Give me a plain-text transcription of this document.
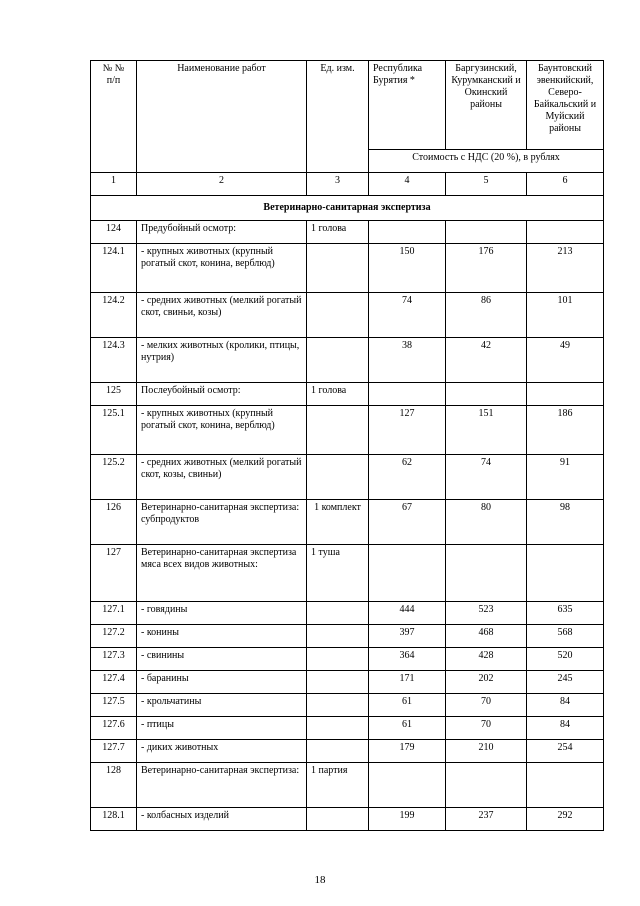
№ №
п/п	Наименование работ	Ед. изм.	Республика Бурятия *	Баргузинский, Курумканский и Окинский районы	Баунтовский эвенкийский, Северо-Байкальский и Муйский районы
			Стоимость с НДС (20 %), в рублях		
1	2	3	4	5	6
Ветеринарно-санитарная экспертиза					
124	Предубойный осмотр:	1 голова			
124.1	- крупных животных (крупный рогатый скот, конина, верблюд)		150	176	213
124.2	- средних животных (мелкий рогатый скот, свиньи, козы)		74	86	101
124.3	- мелких животных (кролики, птицы, нутрия)		38	42	49
125	Послеубойный осмотр:	1 голова			
125.1	- крупных животных (крупный рогатый скот, конина, верблюд)		127	151	186
125.2	- средних животных (мелкий рогатый скот, козы, свиньи)		62	74	91
126	Ветеринарно-санитарная экспертиза: субпродуктов	1 комплект	67	80	98
127	Ветеринарно-санитарная экспертиза мяса всех видов животных:	1 туша			
127.1	- говядины		444	523	635
127.2	- конины		397	468	568
127.3	- свинины		364	428	520
127.4	- баранины		171	202	245
127.5	- крольчатины		61	70	84
127.6	- птицы		61	70	84
127.7	- диких животных		179	210	254
128	Ветеринарно-санитарная экспертиза:	1 партия			
128.1	- колбасных изделий		199	237	292
18
